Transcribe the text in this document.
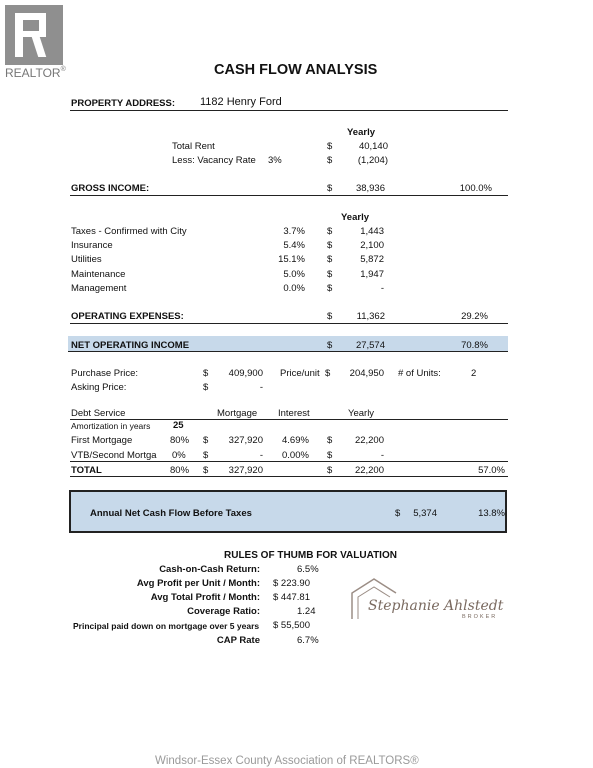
REALTOR®	CASH FLOW ANALYSIS
PROPERTY ADDRESS: 1182 Henry Ford
Yearly
Total Rent	$	40,140
Less: Vacancy Rate 3%	$	(1,204)
GROSS INCOME:	$	38,936	100.0%
Yearly
Taxes - Confirmed with City	3.7% $	1,443
Insurance	5.4% $	2,100
Utilities	15.1% $	5,872
Maintenance	5.0% $	1,947
Management	0.0% $	-
OPERATING EXPENSES:	$	11,362	29.2%
NET OPERATING INCOME	$	27,574	70.8%
Purchase Price:	$	409,900 Price/unit $	204,950 # of Units:	2
Asking Price:	$	-
Debt Service	Mortgage Interest	Yearly
Amortization in years 25
First Mortgage	80% $	327,920 4.69% $	22,200
VTB/Second Mortga 0% $	- 0.00% $	-
TOTAL	80% $	327,920	$	22,200	57.0%
Annual Net Cash Flow Before Taxes	$	5,374	13.8%
RULES OF THUMB FOR VALUATION
Cash-on-Cash Return:	6.5%
Avg Profit per Unit / Month: $ 223.90
Avg Total Profit / Month: $ 447.81
Coverage Ratio:	1.24
Principal paid down on mortgage over 5 years $ 55,500
CAP Rate	6.7%
Stephanie Ahlstedt
BROKER
Windsor-Essex County Association of REALTORS®
